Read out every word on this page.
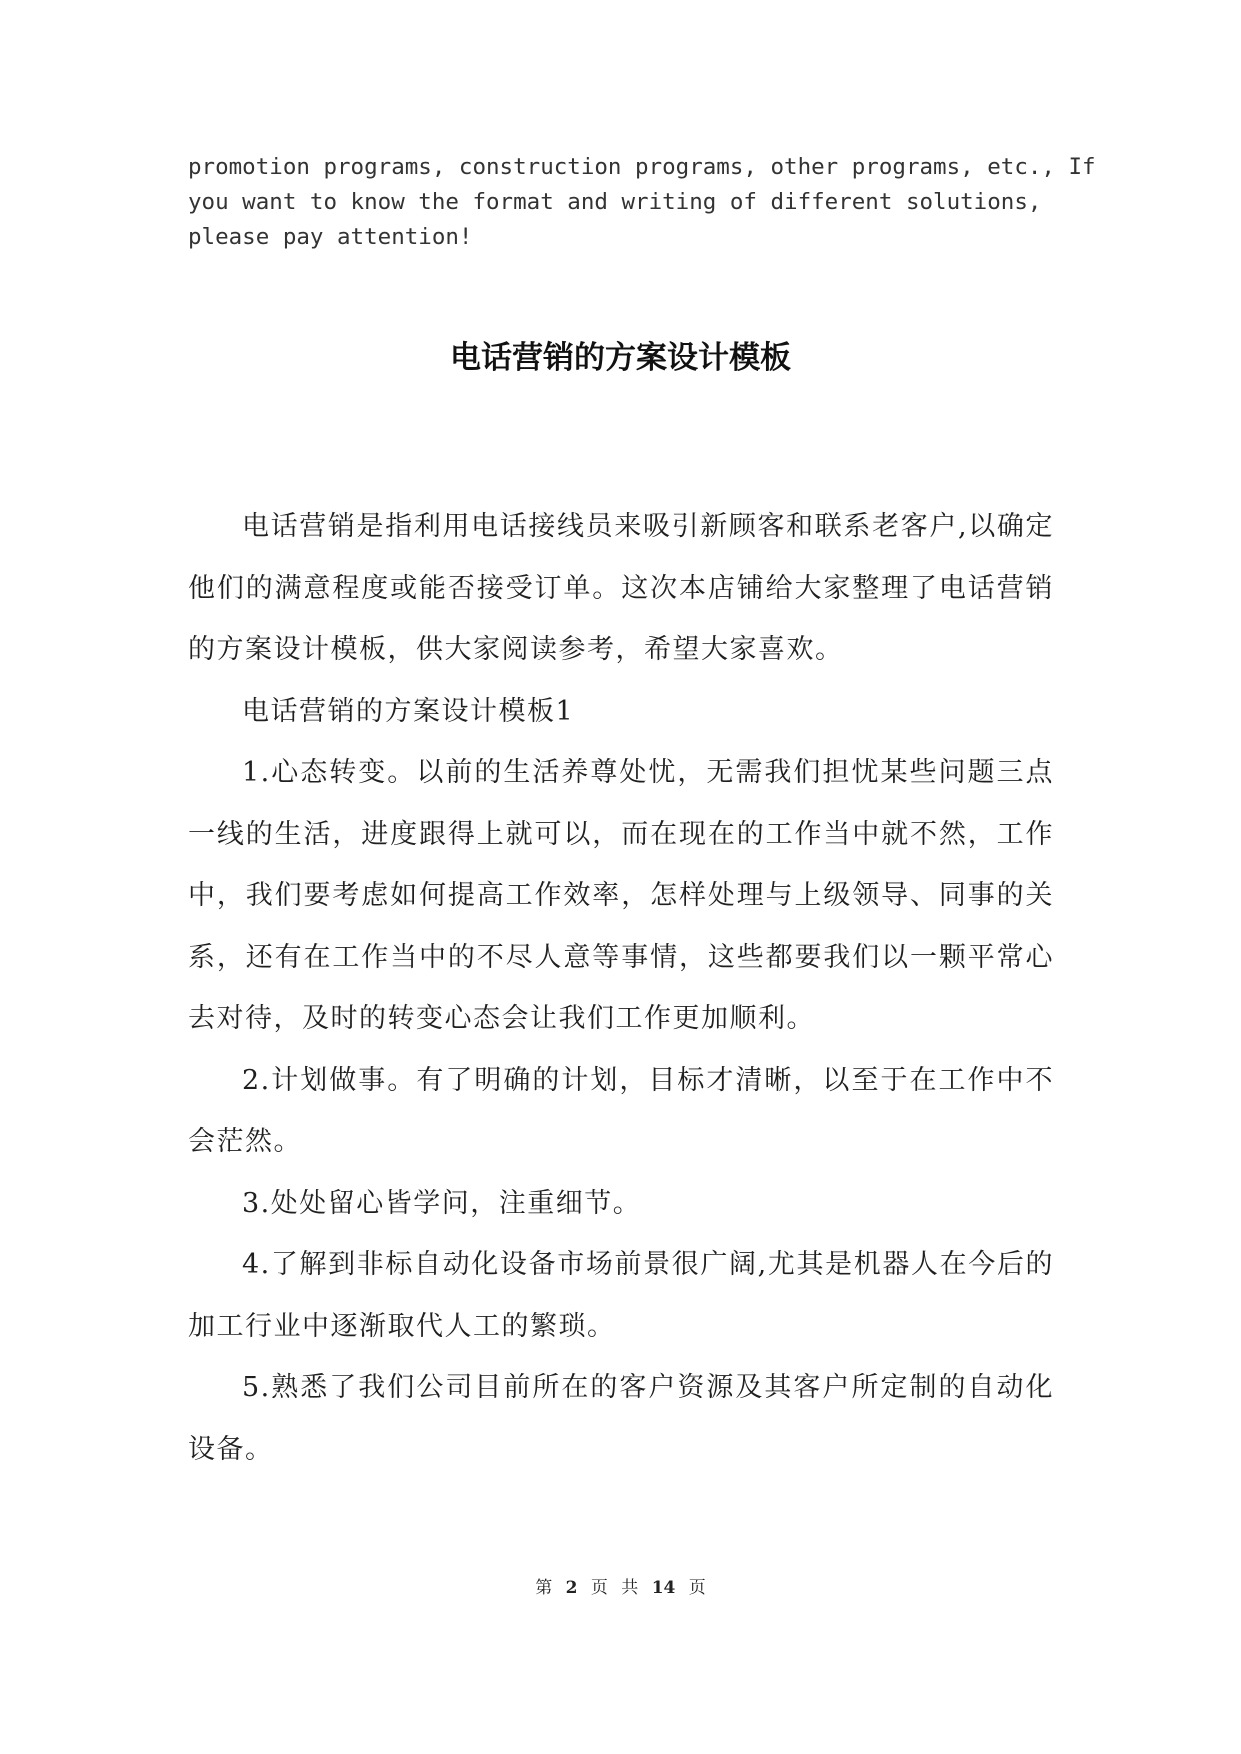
promotion programs, construction programs, other programs, etc., If
you want to know the format and writing of different solutions,
please pay attention!
电话营销的方案设计模板

电话营销是指利用电话接线员来吸引新顾客和联系老客户,以确定他们的满意程度或能否接受订单。这次本店铺给大家整理了电话营销的方案设计模板，供大家阅读参考，希望大家喜欢。

电话营销的方案设计模板1

1.心态转变。以前的生活养尊处忧，无需我们担忧某些问题三点一线的生活，进度跟得上就可以，而在现在的工作当中就不然，工作中，我们要考虑如何提高工作效率，怎样处理与上级领导、同事的关系，还有在工作当中的不尽人意等事情，这些都要我们以一颗平常心去对待，及时的转变心态会让我们工作更加顺利。

2.计划做事。有了明确的计划，目标才清晰，以至于在工作中不会茫然。

3.处处留心皆学问，注重细节。

4.了解到非标自动化设备市场前景很广阔,尤其是机器人在今后的加工行业中逐渐取代人工的繁琐。

5.熟悉了我们公司目前所在的客户资源及其客户所定制的自动化设备。

第 2 页 共 14 页
